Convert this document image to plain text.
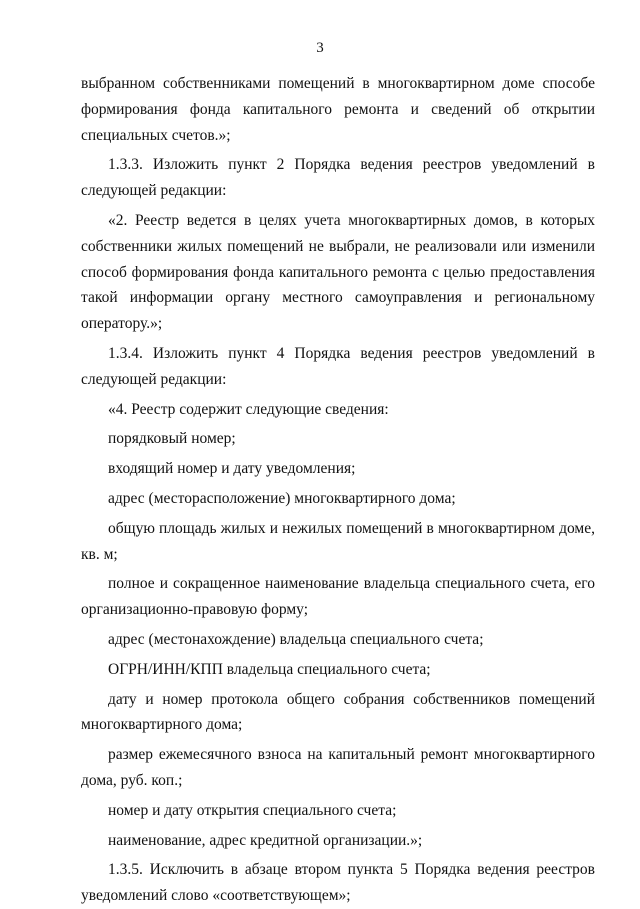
3

выбранном собственниками помещений в многоквартирном доме способе формирования фонда капитального ремонта и сведений об открытии специальных счетов.»;

1.3.3. Изложить пункт 2 Порядка ведения реестров уведомлений в следующей редакции:

«2. Реестр ведется в целях учета многоквартирных домов, в которых собственники жилых помещений не выбрали, не реализовали или изменили способ формирования фонда капитального ремонта с целью предоставления такой информации органу местного самоуправления и региональному оператору.»;

1.3.4. Изложить пункт 4 Порядка ведения реестров уведомлений в следующей редакции:

«4. Реестр содержит следующие сведения:

порядковый номер;

входящий номер и дату уведомления;

адрес (месторасположение) многоквартирного дома;

общую площадь жилых и нежилых помещений в многоквартирном доме, кв. м;

полное и сокращенное наименование владельца специального счета, его организационно-правовую форму;

адрес (местонахождение) владельца специального счета;

ОГРН/ИНН/КПП владельца специального счета;

дату и номер протокола общего собрания собственников помещений многоквартирного дома;

размер ежемесячного взноса на капитальный ремонт многоквартирного дома, руб. коп.;

номер и дату открытия специального счета;

наименование, адрес кредитной организации.»;

1.3.5. Исключить в абзаце втором пункта 5 Порядка ведения реестров уведомлений слово «соответствующем»;
